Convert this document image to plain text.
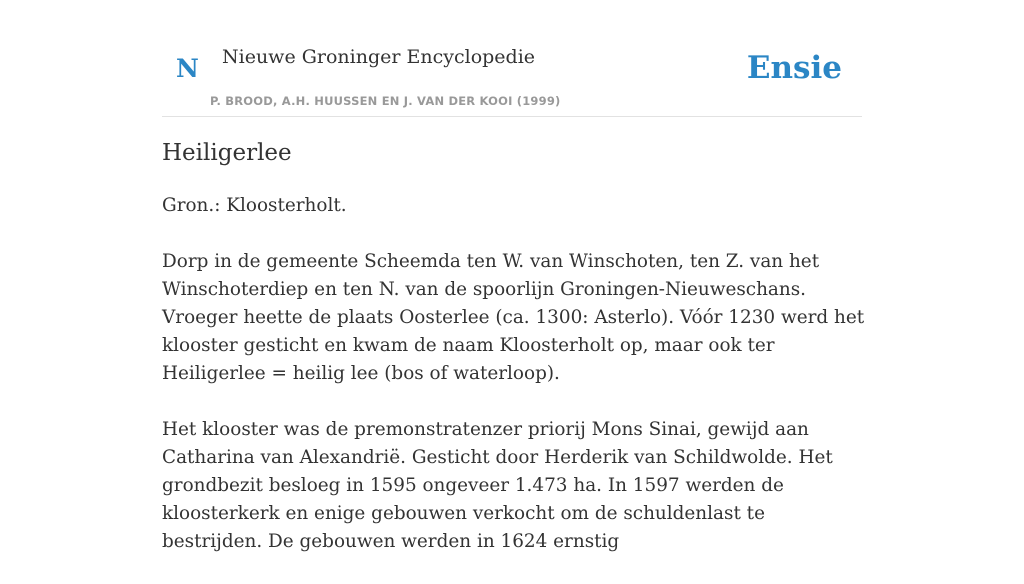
N Nieuwe Groninger Encyclopedie
P. BROOD, A.H. HUUSSEN EN J. VAN DER KOOI (1999)
Ensie
Heiligerlee

Gron.: Kloosterholt.

Dorp in de gemeente Scheemda ten W. van Winschoten, ten Z. van het Winschoterdiep en ten N. van de spoorlijn Groningen-Nieuweschans. Vroeger heette de plaats Oosterlee (ca. 1300: Asterlo). Vóór 1230 werd het klooster gesticht en kwam de naam Kloosterholt op, maar ook ter Heiligerlee = heilig lee (bos of waterloop).

Het klooster was de premonstratenzer priorij Mons Sinai, gewijd aan Catharina van Alexandrië. Gesticht door Herderik van Schildwolde. Het grondbezit besloeg in 1595 ongeveer 1.473 ha. In 1597 werden de kloosterkerk en enige gebouwen verkocht om de schuldenlast te bestrijden. De gebouwen werden in 1624 ernstig
